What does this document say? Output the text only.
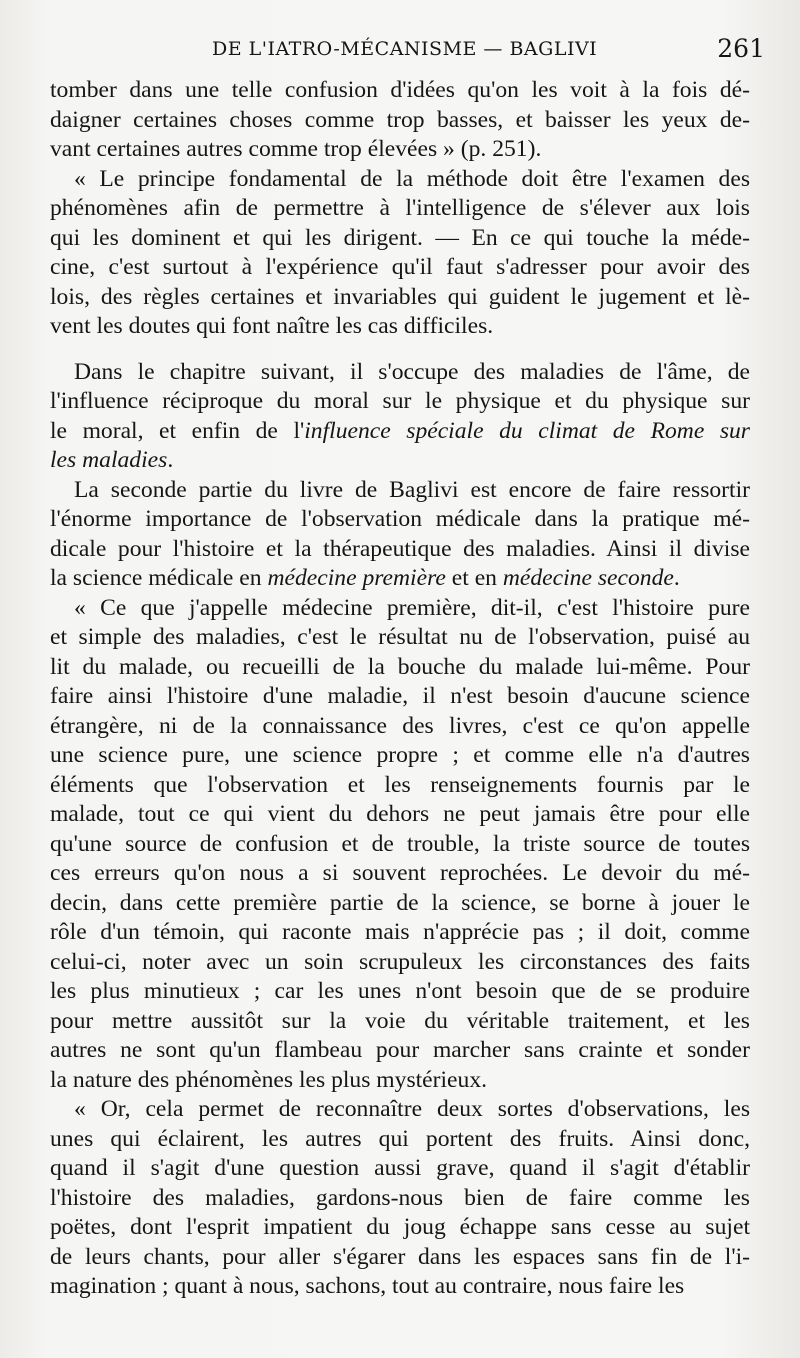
DE L'IATRO-MÉCANISME — BAGLIVI	261
tomber dans une telle confusion d'idées qu'on les voit à la fois dé-
daigner certaines choses comme trop basses, et baisser les yeux de-
vant certaines autres comme trop élevées » (p. 251).
« Le principe fondamental de la méthode doit être l'examen des
phénomènes afin de permettre à l'intelligence de s'élever aux lois
qui les dominent et qui les dirigent. — En ce qui touche la méde-
cine, c'est surtout à l'expérience qu'il faut s'adresser pour avoir des
lois, des règles certaines et invariables qui guident le jugement et lè-
vent les doutes qui font naître les cas difficiles.
Dans le chapitre suivant, il s'occupe des maladies de l'âme, de
l'influence réciproque du moral sur le physique et du physique sur
le moral, et enfin de l'influence spéciale du climat de Rome sur
les maladies.
La seconde partie du livre de Baglivi est encore de faire ressortir
l'énorme importance de l'observation médicale dans la pratique mé-
dicale pour l'histoire et la thérapeutique des maladies. Ainsi il divise
la science médicale en médecine première et en médecine seconde.
« Ce que j'appelle médecine première, dit-il, c'est l'histoire pure
et simple des maladies, c'est le résultat nu de l'observation, puisé au
lit du malade, ou recueilli de la bouche du malade lui-même. Pour
faire ainsi l'histoire d'une maladie, il n'est besoin d'aucune science
étrangère, ni de la connaissance des livres, c'est ce qu'on appelle
une science pure, une science propre ; et comme elle n'a d'autres
éléments que l'observation et les renseignements fournis par le
malade, tout ce qui vient du dehors ne peut jamais être pour elle
qu'une source de confusion et de trouble, la triste source de toutes
ces erreurs qu'on nous a si souvent reprochées. Le devoir du mé-
decin, dans cette première partie de la science, se borne à jouer le
rôle d'un témoin, qui raconte mais n'apprécie pas ; il doit, comme
celui-ci, noter avec un soin scrupuleux les circonstances des faits
les plus minutieux ; car les unes n'ont besoin que de se produire
pour mettre aussitôt sur la voie du véritable traitement, et les
autres ne sont qu'un flambeau pour marcher sans crainte et sonder
la nature des phénomènes les plus mystérieux.
« Or, cela permet de reconnaître deux sortes d'observations, les
unes qui éclairent, les autres qui portent des fruits. Ainsi donc,
quand il s'agit d'une question aussi grave, quand il s'agit d'établir
l'histoire des maladies, gardons-nous bien de faire comme les
poëtes, dont l'esprit impatient du joug échappe sans cesse au sujet
de leurs chants, pour aller s'égarer dans les espaces sans fin de l'i-
magination ; quant à nous, sachons, tout au contraire, nous faire les
